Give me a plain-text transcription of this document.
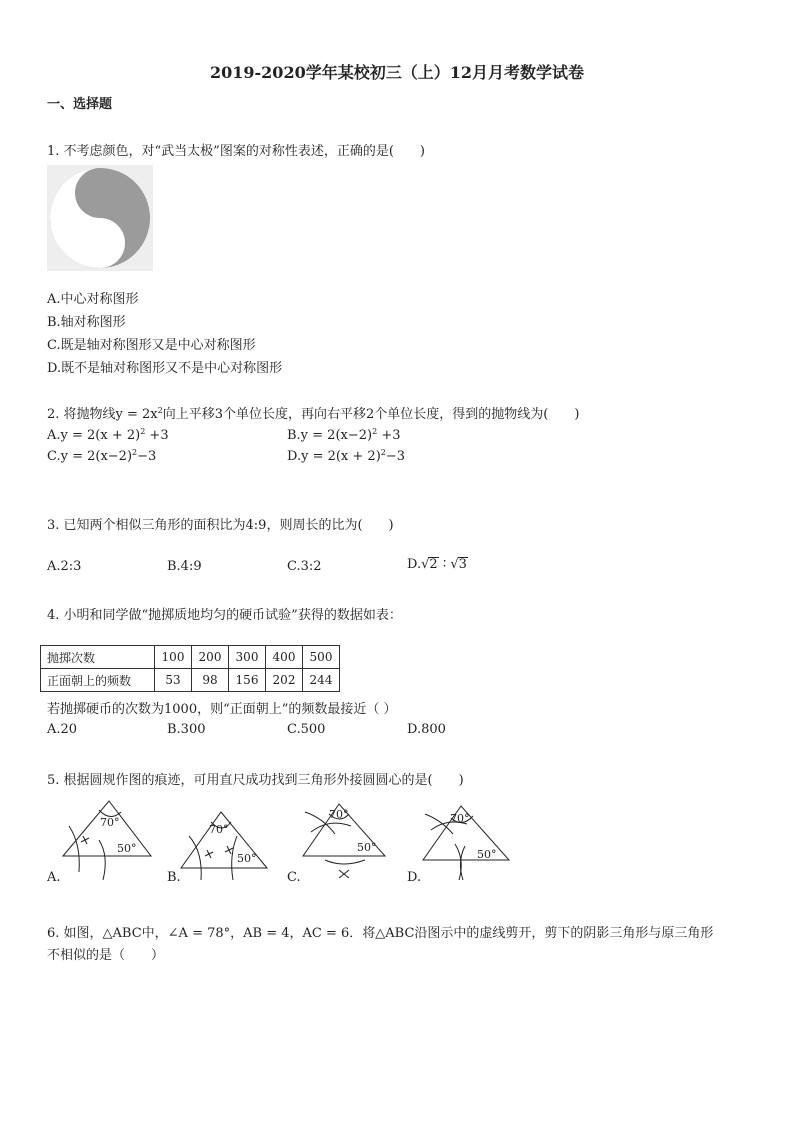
2019-2020学年某校初三（上）12月月考数学试卷
一、选择题
1. 不考虑颜色，对“武当太极”图案的对称性表述，正确的是(　　)
A.中心对称图形
B.轴对称图形
C.既是轴对称图形又是中心对称图形
D.既不是轴对称图形又不是中心对称图形
2. 将抛物线$y = 2x^2$向上平移3个单位长度，再向右平移2个单位长度，得到的抛物线为(　　)
$A.y = 2(x + 2)^2 +3$	$B.y = 2(x-2)^2 +3$
$C.y = 2(x-2)^2-3$	$D.y = 2(x + 2)^2-3$
3. 已知两个相似三角形的面积比为4:9，则周长的比为(　　)
A.2:3	B.4:9	C.3:2	D.√2 ∶ √3
4. 小明和同学做“抛掷质地均匀的硬币试验”获得的数据如表：
抛掷次数	100	200	300	400	500
正面朝上的频数	53	98	156	202	244
若抛掷硬币的次数为1000，则“正面朝上”的频数最接近（ ）
A.20	B.300	C.500	D.800
5. 根据圆规作图的痕迹，可用直尺成功找到三角形外接圆圆心的是(　　)
70°
50°
A.
70°
50°
B.
70°
50°
C.
70°
50°
D.
6. 如图，△ABC中，∠A = 78°，AB = 4，AC = 6．将△ABC沿图示中的虚线剪开，剪下的阴影三角形与原三角形
不相似的是（　　）
